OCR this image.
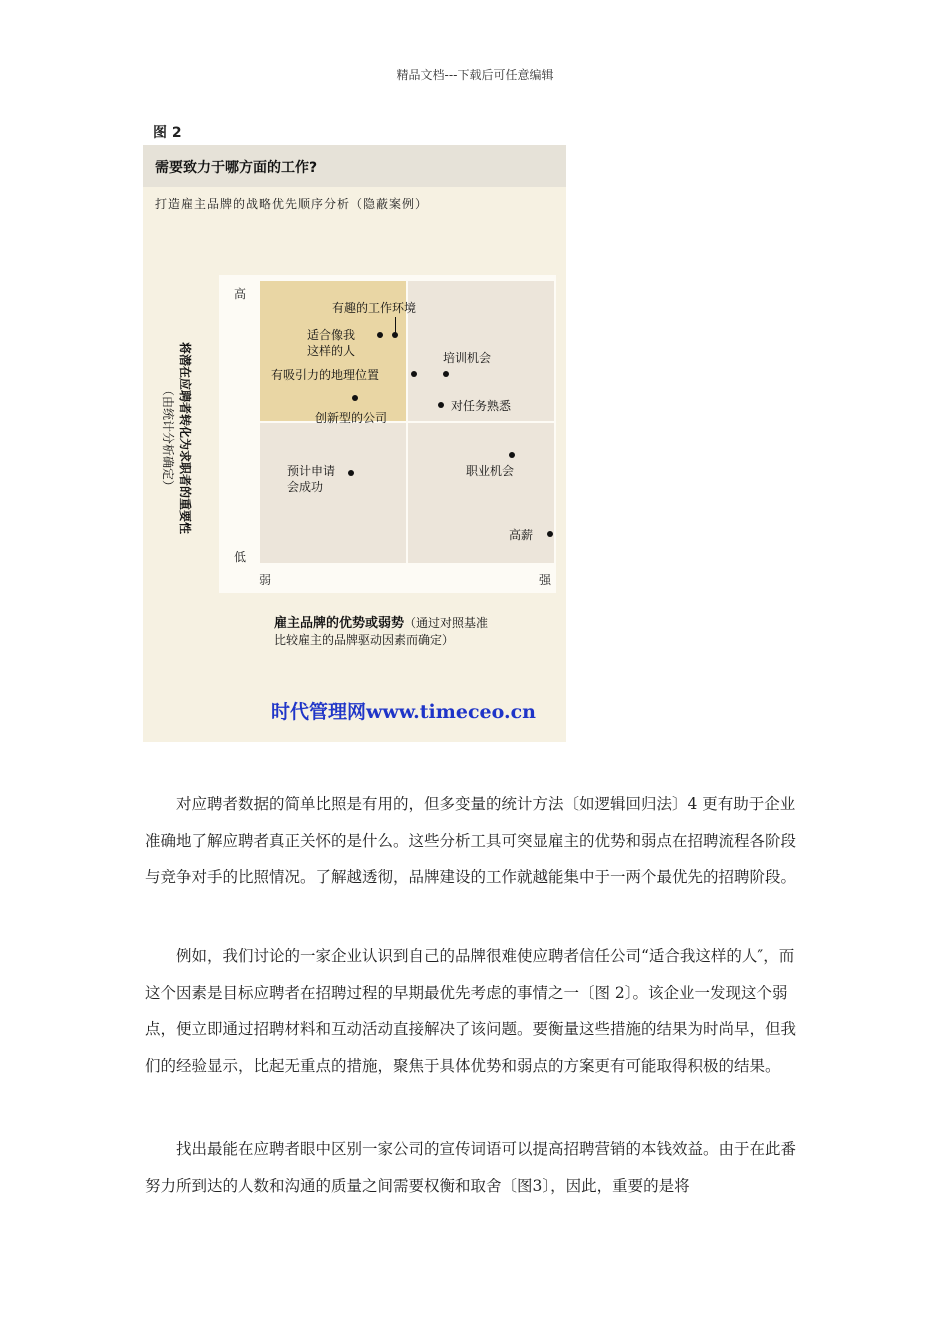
精品文档---下载后可任意编辑
图 2
需要致力于哪方面的工作?
打造雇主品牌的战略优先顺序分析（隐蔽案例）
将潜在应聘者转化为求职者的重要性（由统计分析确定）
高
低
弱	强
有趣的工作环境
适合像我
这样的人
有吸引力的地理位置
培训机会
创新型的公司
对任务熟悉
预计申请
会成功
职业机会
高薪
雇主品牌的优势或弱势（通过对照基准
比较雇主的品牌驱动因素而确定）
时代管理网www.timeceo.cn

对应聘者数据的简单比照是有用的，但多变量的统计方法〔如逻辑回归法〕4 更有助于企业准确地了解应聘者真正关怀的是什么。这些分析工具可突显雇主的优势和弱点在招聘流程各阶段与竞争对手的比照情况。了解越透彻，品牌建设的工作就越能集中于一两个最优先的招聘阶段。

例如，我们讨论的一家企业认识到自己的品牌很难使应聘者信任公司“适合我这样的人″，而这个因素是目标应聘者在招聘过程的早期最优先考虑的事情之一〔图 2〕。该企业一发现这个弱点，便立即通过招聘材料和互动活动直接解决了该问题。要衡量这些措施的结果为时尚早，但我们的经验显示，比起无重点的措施，聚焦于具体优势和弱点的方案更有可能取得积极的结果。

找出最能在应聘者眼中区别一家公司的宣传词语可以提高招聘营销的本钱效益。由于在此番努力所到达的人数和沟通的质量之间需要权衡和取舍〔图3〕，因此，重要的是将
